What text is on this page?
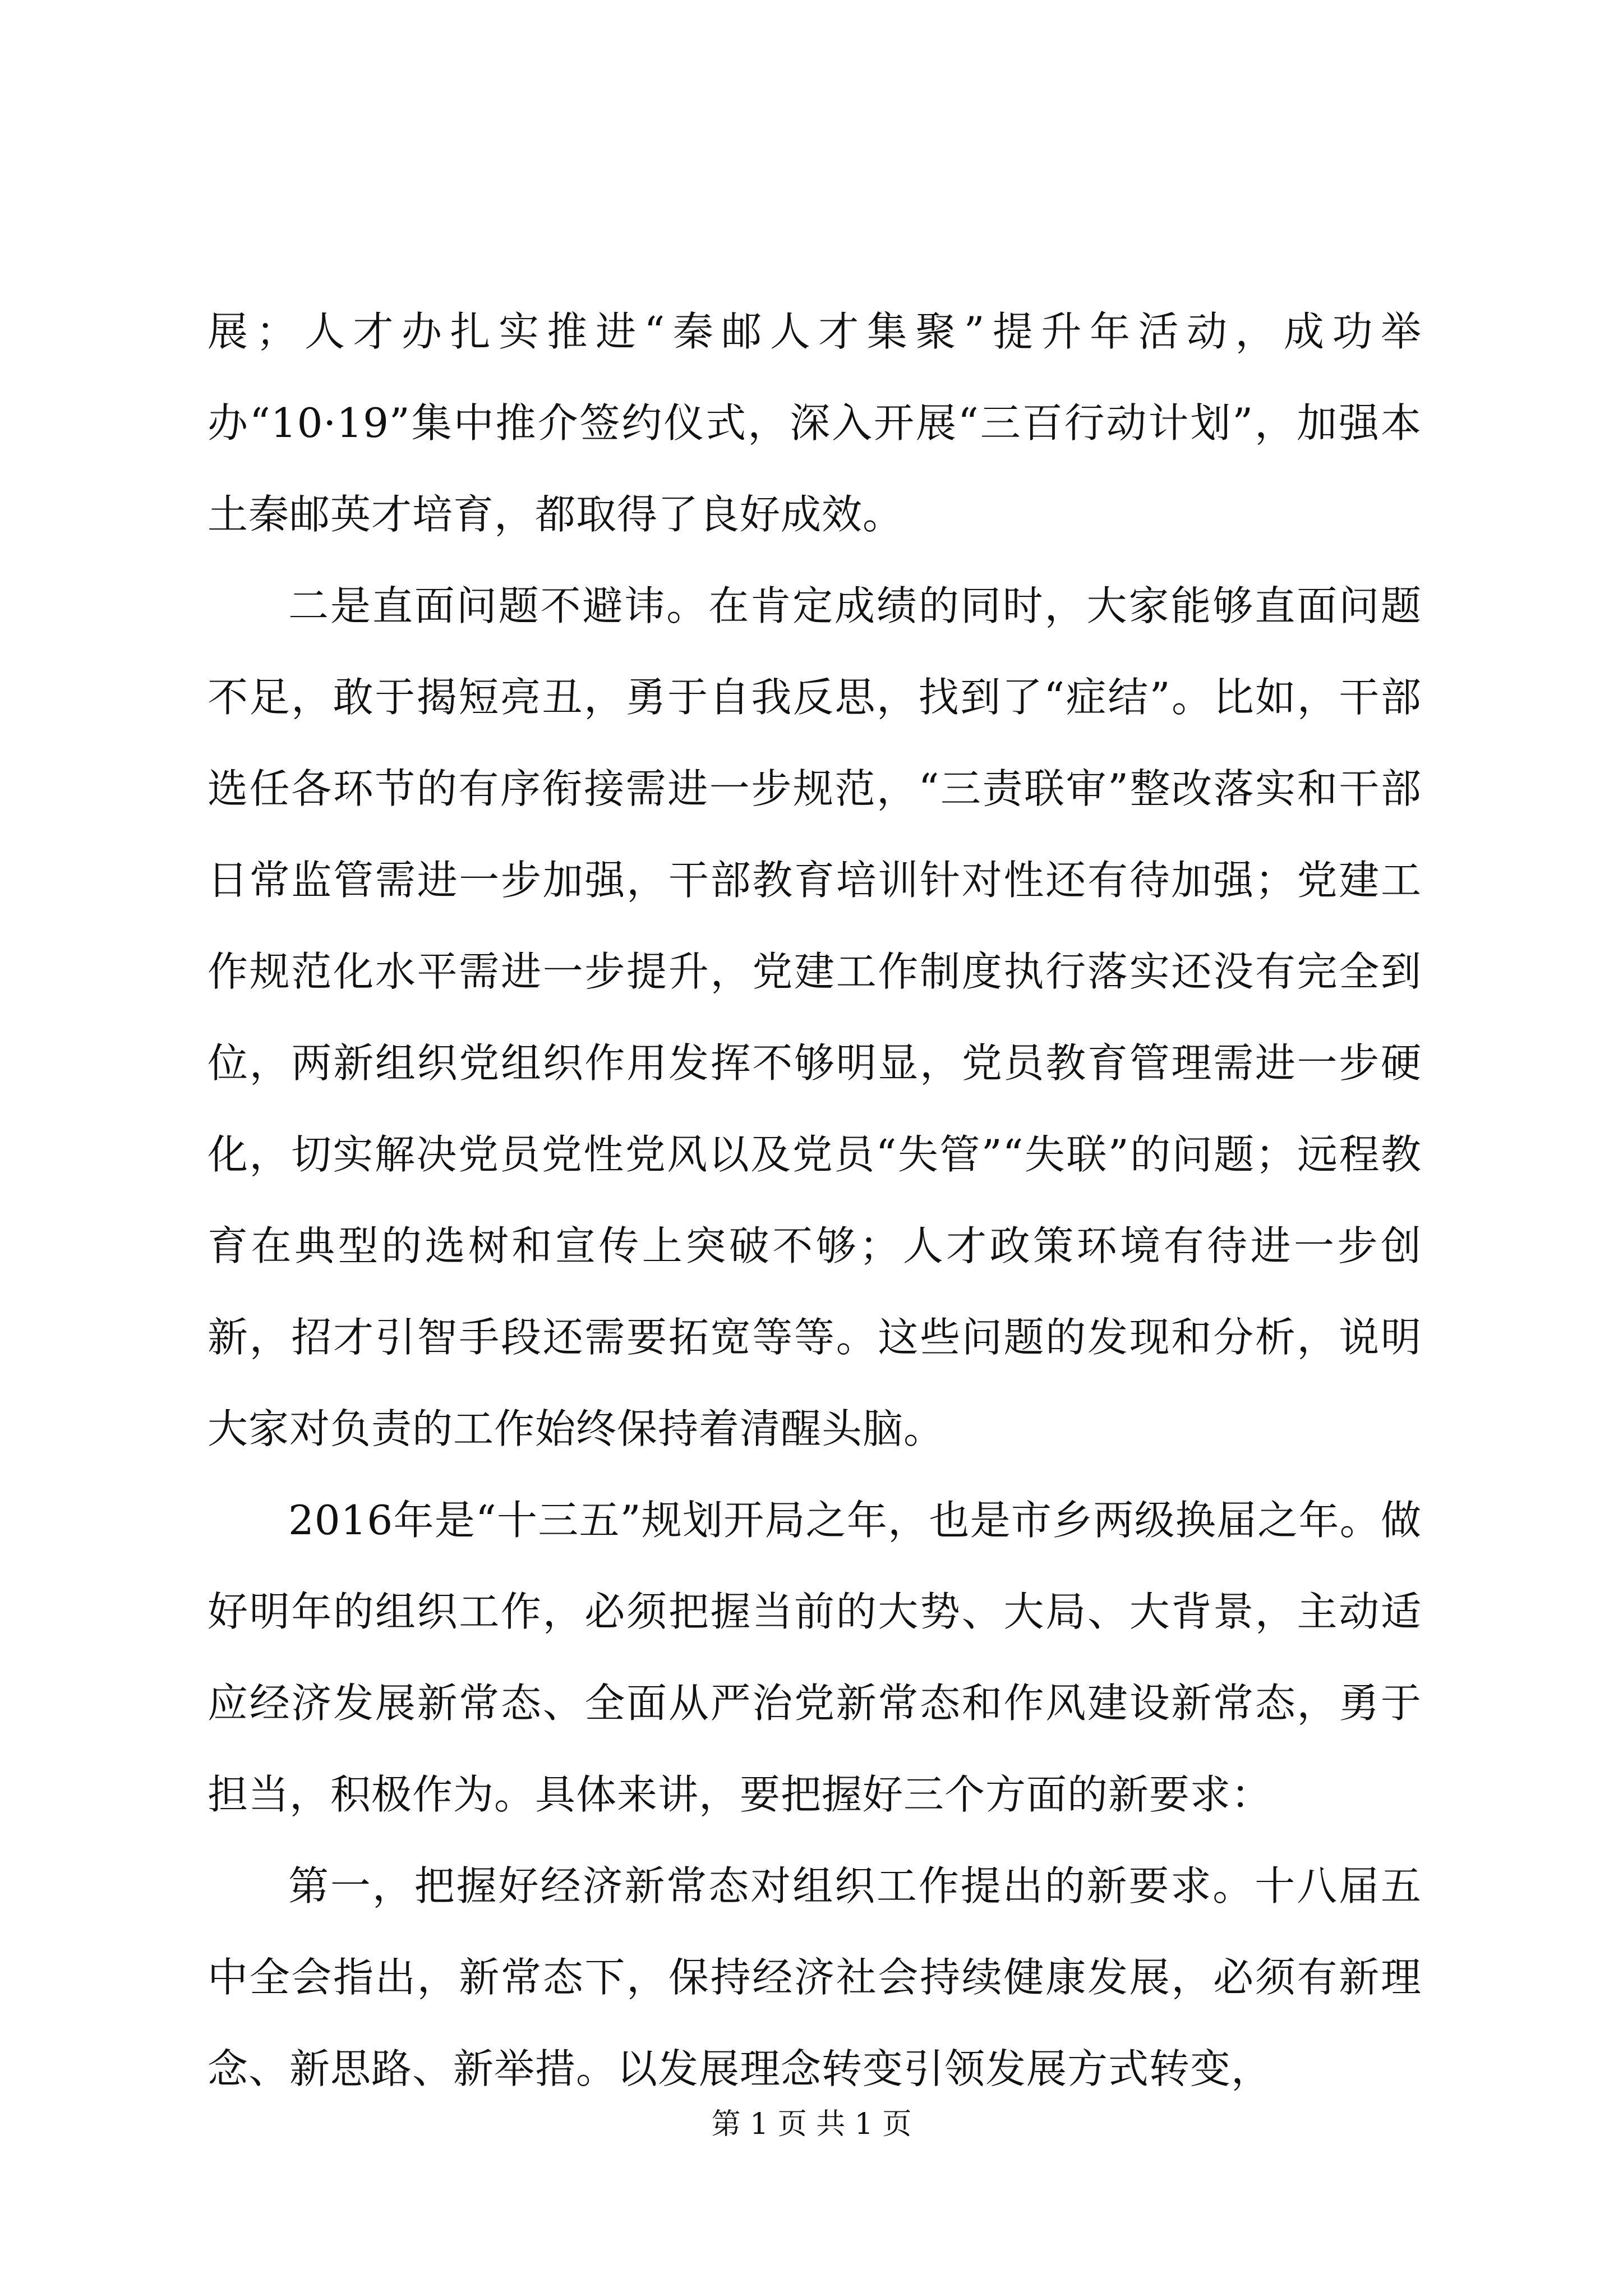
展；人才办扎实推进“秦邮人才集聚”提升年活动，成功举办“10·19”集中推介签约仪式，深入开展“三百行动计划”，加强本土秦邮英才培育，都取得了良好成效。

二是直面问题不避讳。在肯定成绩的同时，大家能够直面问题不足，敢于揭短亮丑，勇于自我反思，找到了“症结”。比如，干部选任各环节的有序衔接需进一步规范，“三责联审”整改落实和干部日常监管需进一步加强，干部教育培训针对性还有待加强；党建工作规范化水平需进一步提升，党建工作制度执行落实还没有完全到位，两新组织党组织作用发挥不够明显，党员教育管理需进一步硬化，切实解决党员党性党风以及党员“失管”“失联”的问题；远程教育在典型的选树和宣传上突破不够；人才政策环境有待进一步创新，招才引智手段还需要拓宽等等。这些问题的发现和分析，说明大家对负责的工作始终保持着清醒头脑。

2016年是“十三五”规划开局之年，也是市乡两级换届之年。做好明年的组织工作，必须把握当前的大势、大局、大背景，主动适应经济发展新常态、全面从严治党新常态和作风建设新常态，勇于担当，积极作为。具体来讲，要把握好三个方面的新要求：

第一，把握好经济新常态对组织工作提出的新要求。十八届五中全会指出，新常态下，保持经济社会持续健康发展，必须有新理念、新思路、新举措。以发展理念转变引领发展方式转变，

第 1 页 共 1 页
